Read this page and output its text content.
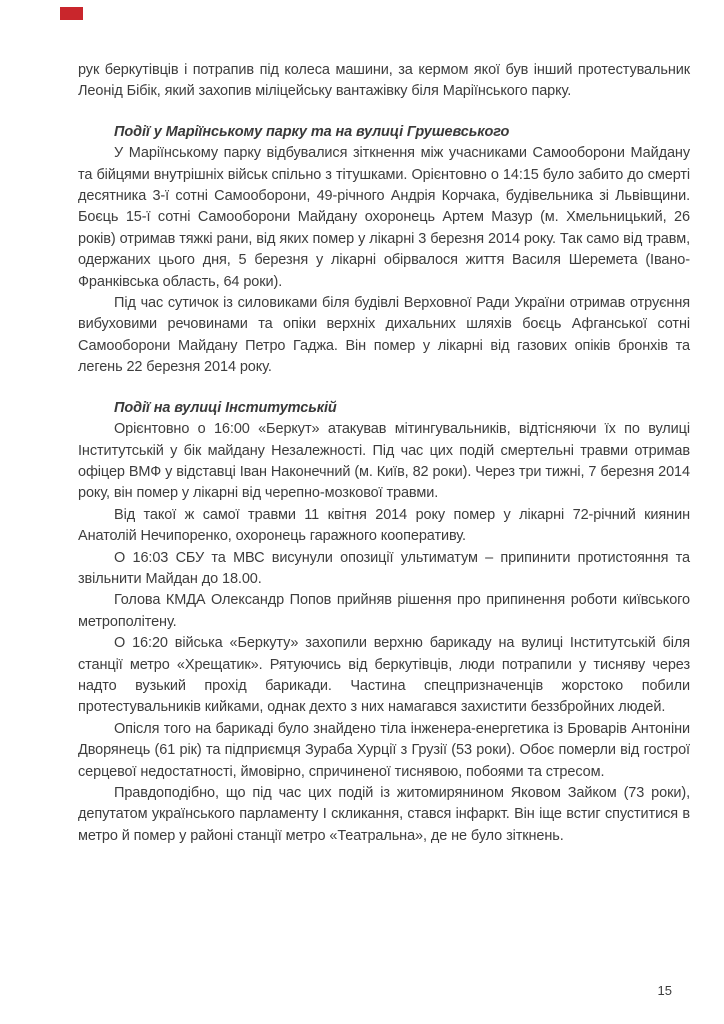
рук беркутівців і потрапив під колеса машини, за кермом якої був інший протестувальник Леонід Бібік, який захопив міліцейську вантажівку біля Маріїнського парку.

Події у Маріїнському парку та на вулиці Грушевського

У Маріїнському парку відбувалися зіткнення між учасниками Самооборони Майдану та бійцями внутрішніх військ спільно з тітушками. Орієнтовно о 14:15 було забито до смерті десятника 3-ї сотні Самооборони, 49-річного Андрія Корчака, будівельника зі Львівщини. Боєць 15-ї сотні Самооборони Майдану охоронець Артем Мазур (м. Хмельницький, 26 років) отримав тяжкі рани, від яких помер у лікарні 3 березня 2014 року. Так само від травм, одержаних цього дня, 5 березня у лікарні обірвалося життя Василя Шеремета (Івано-Франківська область, 64 роки).

Під час сутичок із силовиками біля будівлі Верховної Ради України отримав отруєння вибуховими речовинами та опіки верхніх дихальних шляхів боєць Афганської сотні Самооборони Майдану Петро Гаджа. Він помер у лікарні від газових опіків бронхів та легень 22 березня 2014 року.

Події на вулиці Інститутській

Орієнтовно о 16:00 «Беркут» атакував мітингувальників, відтісняючи їх по вулиці Інститутській у бік майдану Незалежності. Під час цих подій смертельні травми отримав офіцер ВМФ у відставці Іван Наконечний (м. Київ, 82 роки). Через три тижні, 7 березня 2014 року, він помер у лікарні від черепно-мозкової травми.

Від такої ж самої травми 11 квітня 2014 року помер у лікарні 72-річний киянин Анатолій Нечипоренко, охоронець гаражного кооперативу.

О 16:03 СБУ та МВС висунули опозиції ультиматум – припинити протистояння та звільнити Майдан до 18.00.

Голова КМДА Олександр Попов прийняв рішення про припинення роботи київського метрополітену.

О 16:20 війська «Беркуту» захопили верхню барикаду на вулиці Інститутській біля станції метро «Хрещатик». Рятуючись від беркутівців, люди потрапили у тисняву через надто вузький прохід барикади. Частина спецпризначенців жорстоко побили протестувальників кийками, однак дехто з них намагався захистити беззбройних людей.

Опісля того на барикаді було знайдено тіла інженера-енергетика із Броварів Антоніни Дворянець (61 рік) та підприємця Зураба Хурції з Грузії (53 роки). Обоє померли від гострої серцевої недостатності, ймовірно, спричиненої тиснявою, побоями та стресом.

Правдоподібно, що під час цих подій із житомирянином Яковом Зайком (73 роки), депутатом українського парламенту I скликання, стався інфаркт. Він іще встиг спуститися в метро й помер у районі станції метро «Театральна», де не було зіткнень.

15
